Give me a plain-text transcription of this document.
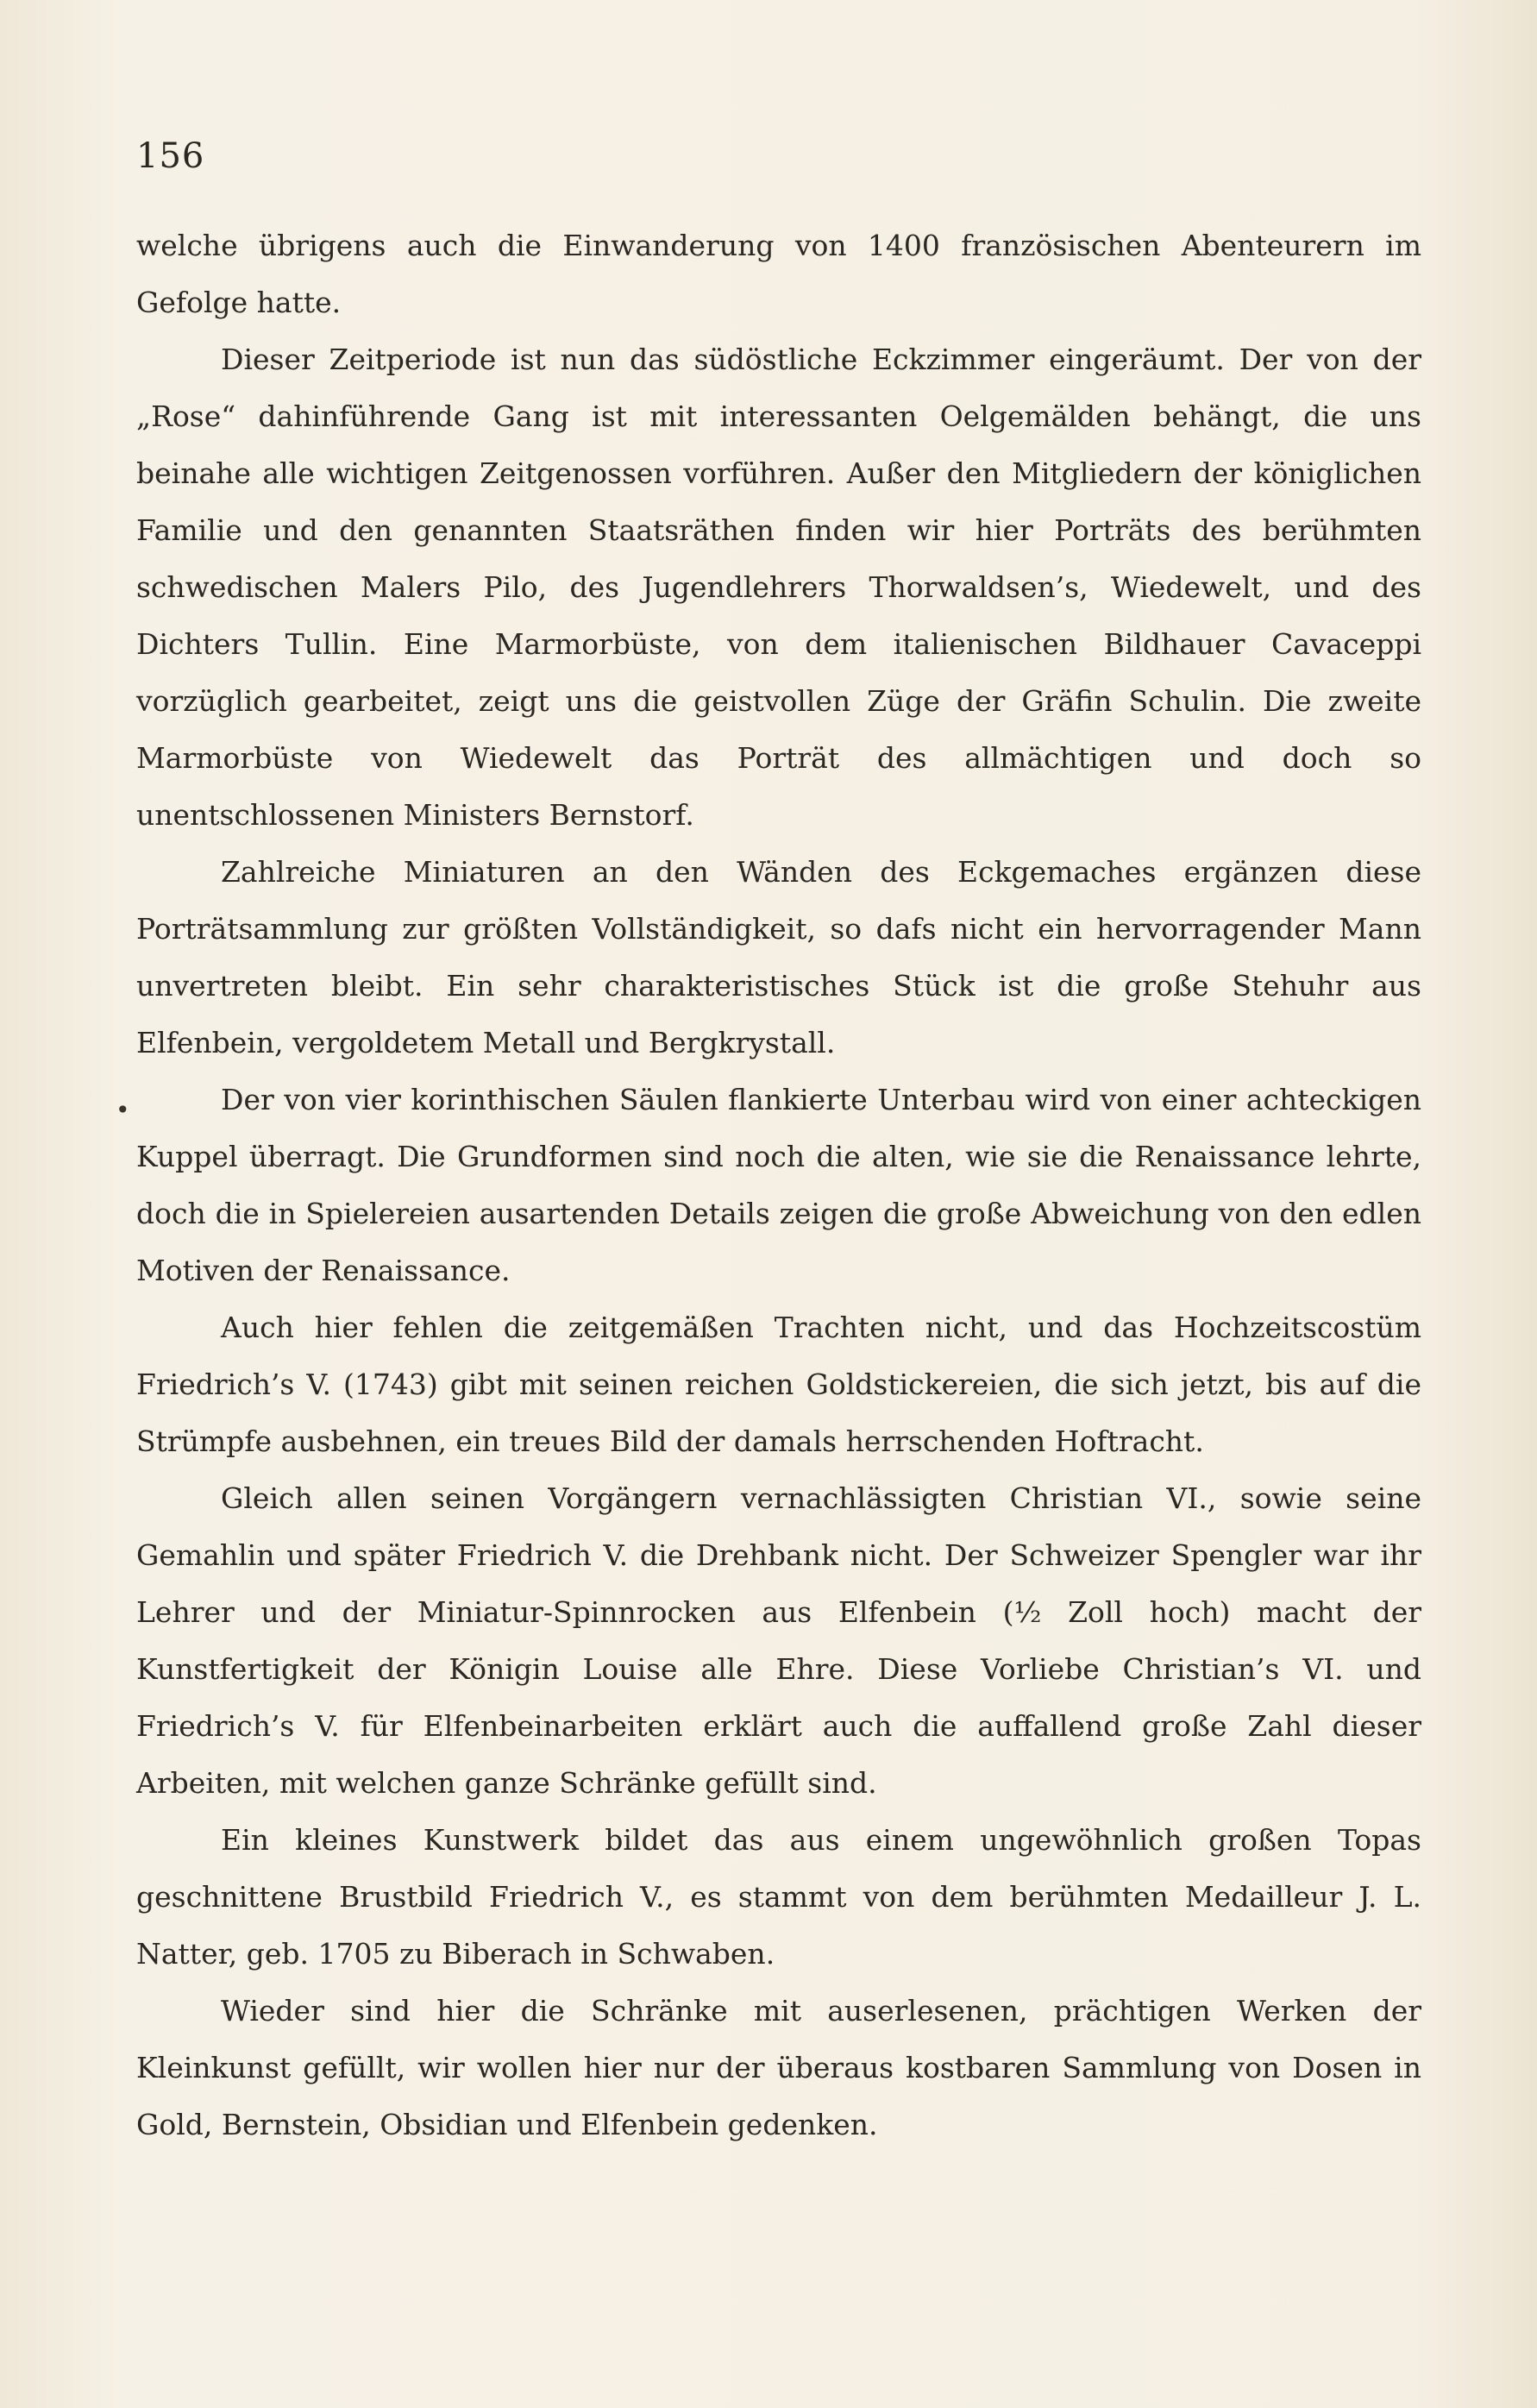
156
•

welche übrigens auch die Einwanderung von 1400 französischen Abenteurern im Gefolge hatte.

Dieser Zeitperiode ist nun das südöstliche Eckzimmer eingeräumt. Der von der „Rose“ dahinführende Gang ist mit interessanten Oelgemälden behängt, die uns beinahe alle wichtigen Zeitgenossen vorführen. Außer den Mitgliedern der königlichen Familie und den genannten Staatsräthen finden wir hier Porträts des berühmten schwedischen Malers Pilo, des Jugendlehrers Thorwaldsen’s, Wiedewelt, und des Dichters Tullin. Eine Marmorbüste, von dem italienischen Bildhauer Cavaceppi vorzüglich gearbeitet, zeigt uns die geistvollen Züge der Gräfin Schulin. Die zweite Marmorbüste von Wiedewelt das Porträt des allmächtigen und doch so unentschlossenen Ministers Bernstorf.

Zahlreiche Miniaturen an den Wänden des Eckgemaches ergänzen diese Porträtsammlung zur größten Vollständigkeit, so dafs nicht ein hervorragender Mann unvertreten bleibt. Ein sehr charakteristisches Stück ist die große Stehuhr aus Elfenbein, vergoldetem Metall und Bergkrystall.

Der von vier korinthischen Säulen flankierte Unterbau wird von einer achteckigen Kuppel überragt. Die Grundformen sind noch die alten, wie sie die Renaissance lehrte, doch die in Spielereien ausartenden Details zeigen die große Abweichung von den edlen Motiven der Renaissance.

Auch hier fehlen die zeitgemäßen Trachten nicht, und das Hochzeitscostüm Friedrich’s V. (1743) gibt mit seinen reichen Goldstickereien, die sich jetzt, bis auf die Strümpfe ausbehnen, ein treues Bild der damals herrschenden Hoftracht.

Gleich allen seinen Vorgängern vernachlässigten Christian VI., sowie seine Gemahlin und später Friedrich V. die Drehbank nicht. Der Schweizer Spengler war ihr Lehrer und der Miniatur-Spinnrocken aus Elfenbein (½ Zoll hoch) macht der Kunstfertigkeit der Königin Louise alle Ehre. Diese Vorliebe Christian’s VI. und Friedrich’s V. für Elfenbeinarbeiten erklärt auch die auffallend große Zahl dieser Arbeiten, mit welchen ganze Schränke gefüllt sind.

Ein kleines Kunstwerk bildet das aus einem ungewöhnlich großen Topas geschnittene Brustbild Friedrich V., es stammt von dem berühmten Medailleur J. L. Natter, geb. 1705 zu Biberach in Schwaben.

Wieder sind hier die Schränke mit auserlesenen, prächtigen Werken der Kleinkunst gefüllt, wir wollen hier nur der überaus kostbaren Sammlung von Dosen in Gold, Bernstein, Obsidian und Elfenbein gedenken.
